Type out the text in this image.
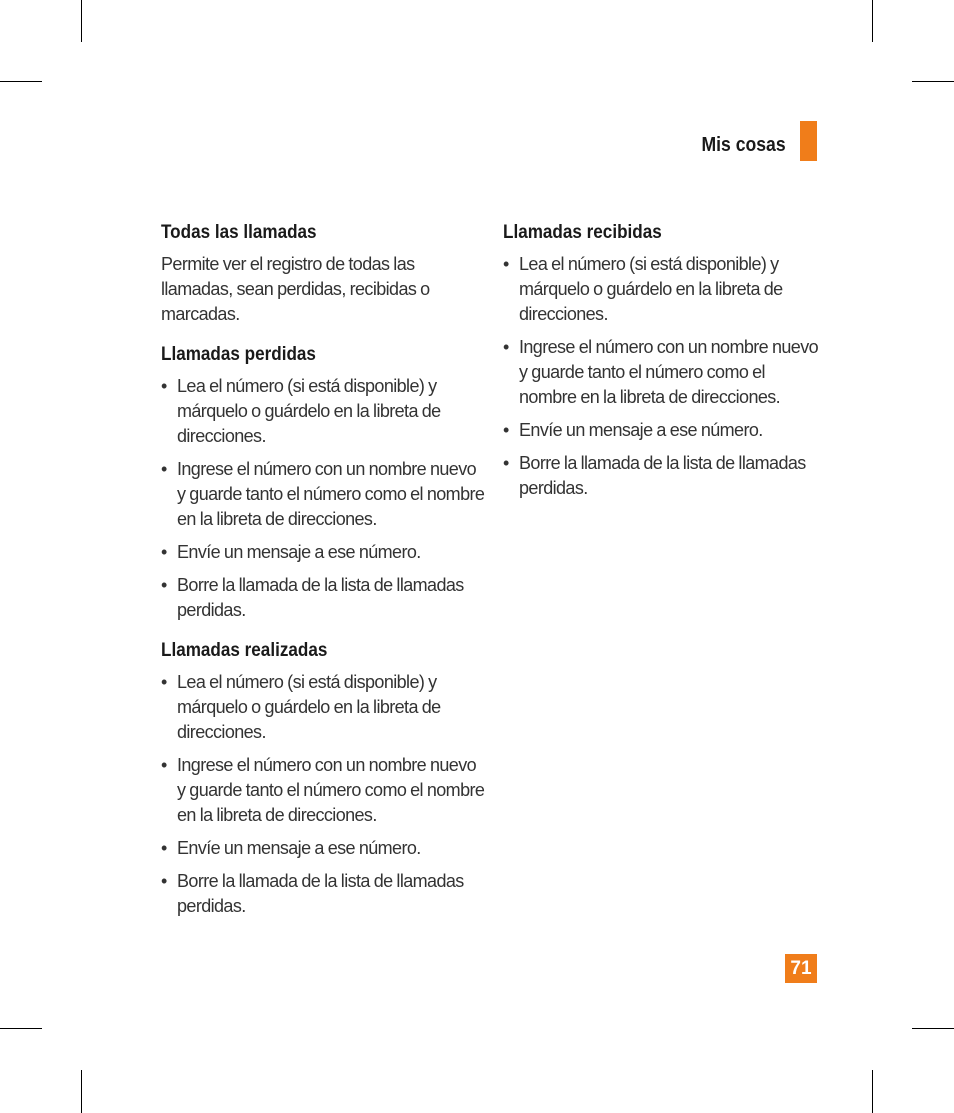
Mis cosas
Todas las llamadas

Permite ver el registro de todas las llamadas, sean perdidas, recibidas o marcadas.

Llamadas perdidas
• Lea el número (si está disponible) y márquelo o guárdelo en la libreta de direcciones.
• Ingrese el número con un nombre nuevo y guarde tanto el número como el nombre en la libreta de direcciones.
• Envíe un mensaje a ese número.
• Borre la llamada de la lista de llamadas perdidas.
Llamadas realizadas
• Lea el número (si está disponible) y márquelo o guárdelo en la libreta de direcciones.
• Ingrese el número con un nombre nuevo y guarde tanto el número como el nombre en la libreta de direcciones.
• Envíe un mensaje a ese número.
• Borre la llamada de la lista de llamadas perdidas.
Llamadas recibidas
• Lea el número (si está disponible) y márquelo o guárdelo en la libreta de direcciones.
• Ingrese el número con un nombre nuevo y guarde tanto el número como el nombre en la libreta de direcciones.
• Envíe un mensaje a ese número.
• Borre la llamada de la lista de llamadas perdidas.
71
